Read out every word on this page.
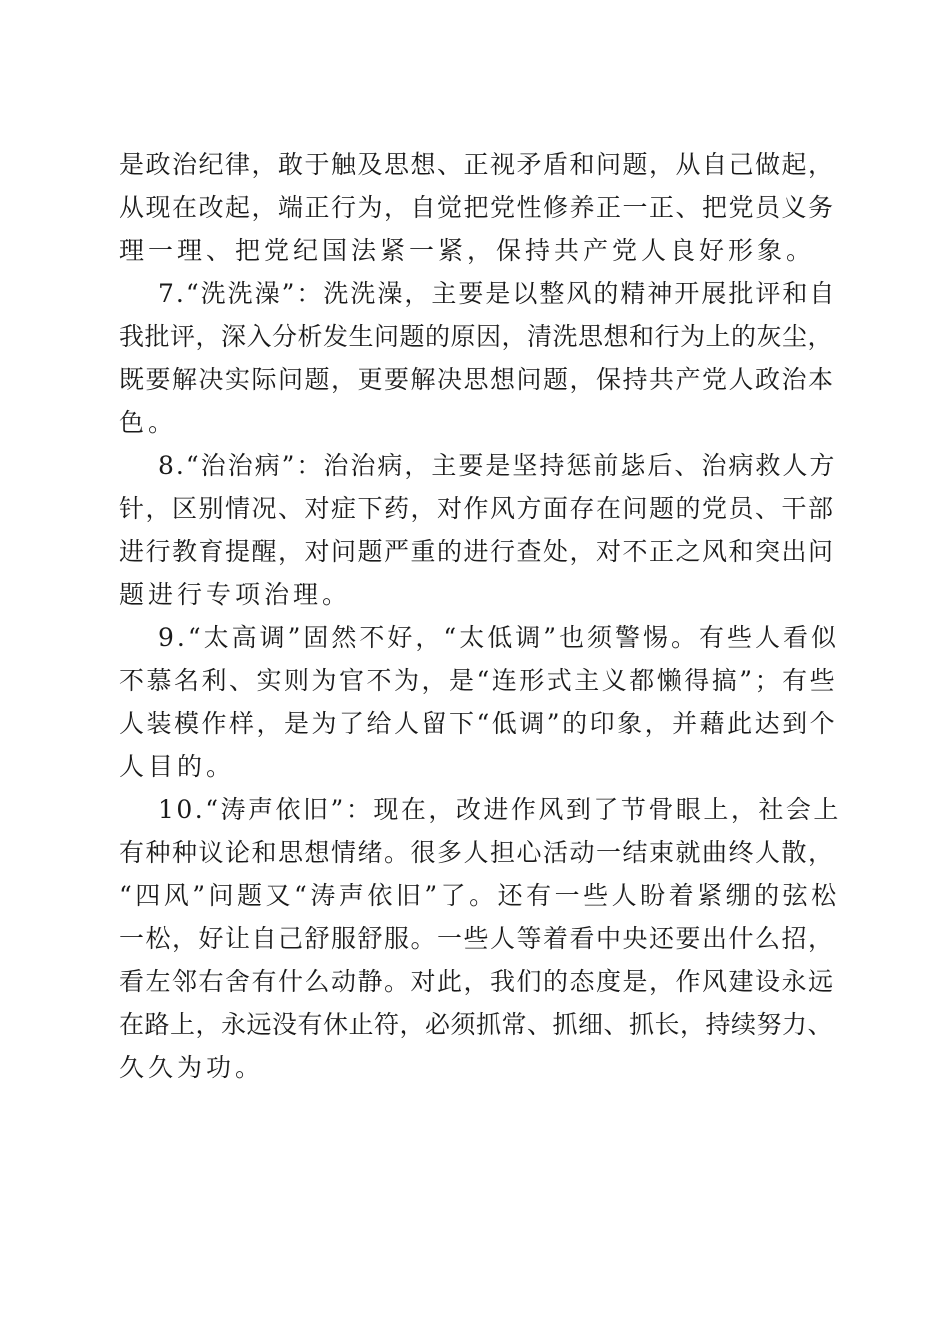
是政治纪律，敢于触及思想、正视矛盾和问题，从自己做起，
从现在改起，端正行为，自觉把党性修养正一正、把党员义务
理一理、把党纪国法紧一紧，保持共产党人良好形象。
7.“洗洗澡”：洗洗澡，主要是以整风的精神开展批评和自
我批评，深入分析发生问题的原因，清洗思想和行为上的灰尘，
既要解决实际问题，更要解决思想问题，保持共产党人政治本
色。
8.“治治病”：治治病，主要是坚持惩前毖后、治病救人方
针，区别情况、对症下药，对作风方面存在问题的党员、干部
进行教育提醒，对问题严重的进行查处，对不正之风和突出问
题进行专项治理。
9.“太高调”固然不好，“太低调”也须警惕。有些人看似
不慕名利、实则为官不为，是“连形式主义都懒得搞”；有些
人装模作样，是为了给人留下“低调”的印象，并藉此达到个
人目的。
10.“涛声依旧”：现在，改进作风到了节骨眼上，社会上
有种种议论和思想情绪。很多人担心活动一结束就曲终人散，
“四风”问题又“涛声依旧”了。还有一些人盼着紧绷的弦松
一松，好让自己舒服舒服。一些人等着看中央还要出什么招，
看左邻右舍有什么动静。对此，我们的态度是，作风建设永远
在路上，永远没有休止符，必须抓常、抓细、抓长，持续努力、
久久为功。
